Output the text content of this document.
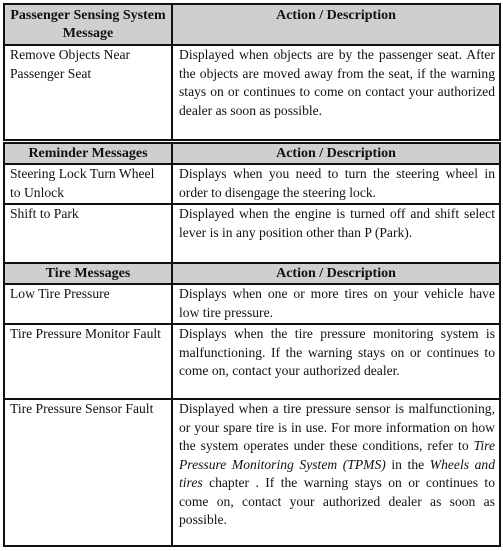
Passenger Sensing System Message	Action / Description
Remove Objects Near Passenger Seat	Displayed when objects are by the passenger seat. After the objects are moved away from the seat, if the warning stays on or continues to come on contact your authorized dealer as soon as possible.
Reminder Messages	Action / Description
Steering Lock Turn Wheel to Unlock	Displays when you need to turn the steering wheel in order to disengage the steering lock.
Shift to Park	Displayed when the engine is turned off and shift select lever is in any position other than P (Park).
Tire Messages	Action / Description
Low Tire Pressure	Displays when one or more tires on your vehicle have low tire pressure.
Tire Pressure Monitor Fault	Displays when the tire pressure monitoring system is malfunctioning. If the warning stays on or continues to come on, contact your authorized dealer.
Tire Pressure Sensor Fault	Displayed when a tire pressure sensor is malfunctioning, or your spare tire is in use. For more information on how the system operates under these conditions, refer to Tire Pressure Monitoring System (TPMS) in the Wheels and tires chapter . If the warning stays on or continues to come on, contact your authorized dealer as soon as possible.
